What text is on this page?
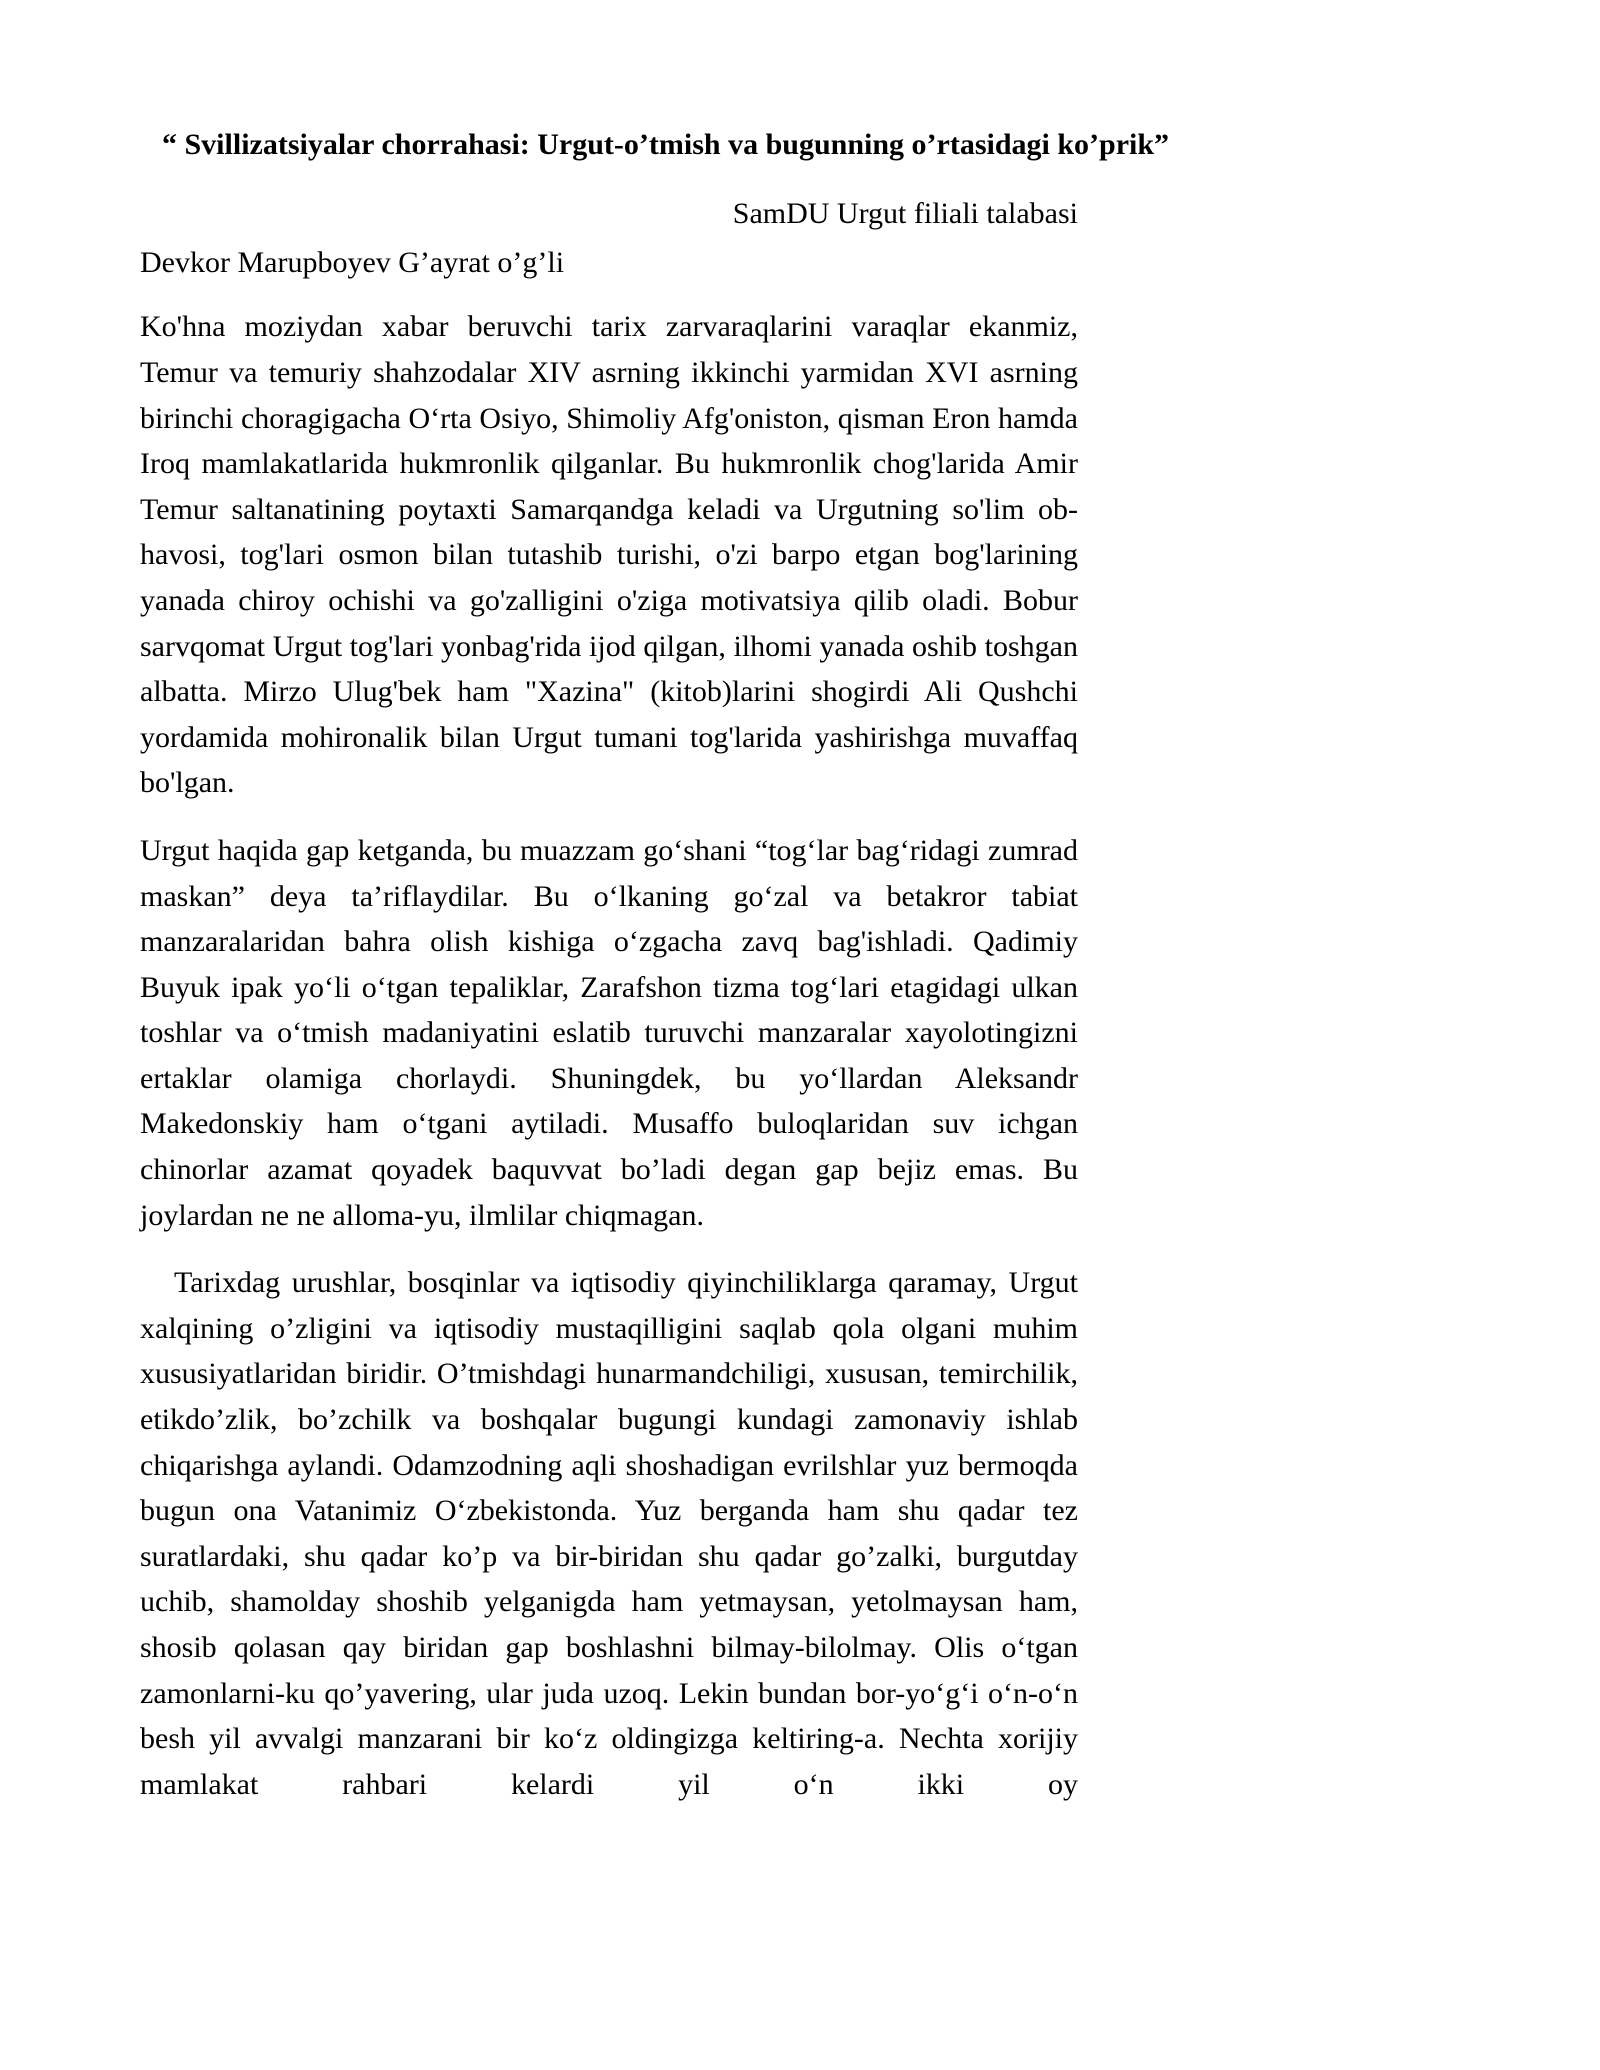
“ Svillizatsiyalar chorrahasi: Urgut-o’tmish va bugunning o’rtasidagi ko’prik”

SamDU Urgut filiali talabasi

Devkor Marupboyev G’ayrat o’g’li

Ko'hna moziydan xabar beruvchi tarix zarvaraqlarini varaqlar ekanmiz, Temur va temuriy shahzodalar XIV asrning ikkinchi yarmidan XVI asrning birinchi choragigacha O‘rta Osiyo, Shimoliy Afg'oniston, qisman Eron hamda Iroq mamlakatlarida hukmronlik qilganlar. Bu hukmronlik chog'larida Amir Temur saltanatining poytaxti Samarqandga keladi va Urgutning so'lim ob-havosi, tog'lari osmon bilan tutashib turishi, o'zi barpo etgan bog'larining yanada chiroy ochishi va go'zalligini o'ziga motivatsiya qilib oladi. Bobur sarvqomat Urgut tog'lari yonbag'rida ijod qilgan, ilhomi yanada oshib toshgan albatta. Mirzo Ulug'bek ham "Xazina" (kitob)larini shogirdi Ali Qushchi yordamida mohironalik bilan Urgut tumani tog'larida yashirishga muvaffaq bo'lgan.

Urgut haqida gap ketganda, bu muazzam go‘shani “tog‘lar bag‘ridagi zumrad maskan” deya ta’riflaydilar. Bu o‘lkaning go‘zal va betakror tabiat manzaralaridan bahra olish kishiga o‘zgacha zavq bag'ishladi. Qadimiy Buyuk ipak yo‘li o‘tgan tepaliklar, Zarafshon tizma tog‘lari etagidagi ulkan toshlar va o‘tmish madaniyatini eslatib turuvchi manzaralar xayolotingizni ertaklar olamiga chorlaydi. Shuningdek, bu yo‘llardan Aleksandr Makedonskiy ham o‘tgani aytiladi. Musaffo buloqlaridan suv ichgan chinorlar azamat qoyadek baquvvat bo’ladi degan gap bejiz emas. Bu joylardan ne ne alloma-yu, ilmlilar chiqmagan.

Tarixdag urushlar, bosqinlar va iqtisodiy qiyinchiliklarga qaramay, Urgut xalqining o’zligini va iqtisodiy mustaqilligini saqlab qola olgani muhim xususiyatlaridan biridir. O’tmishdagi hunarmandchiligi, xususan, temirchilik, etikdo’zlik, bo’zchilk va boshqalar bugungi kundagi zamonaviy ishlab chiqarishga aylandi. Odamzodning aqli shoshadigan evrilshlar yuz bermoqda bugun ona Vatanimiz O‘zbekistonda. Yuz berganda ham shu qadar tez suratlardaki, shu qadar ko’p va bir-biridan shu qadar go’zalki, burgutday uchib, shamolday shoshib yelganigda ham yetmaysan, yetolmaysan ham, shosib qolasan qay biridan gap boshlashni bilmay-bilolmay. Olis o‘tgan zamonlarni-ku qo’yavering, ular juda uzoq. Lekin bundan bor-yo‘g‘i o‘n-o‘n besh yil avvalgi manzarani bir ko‘z oldingizga keltiring-a. Nechta xorijiy mamlakat rahbari kelardi yil o‘n ikki oy
